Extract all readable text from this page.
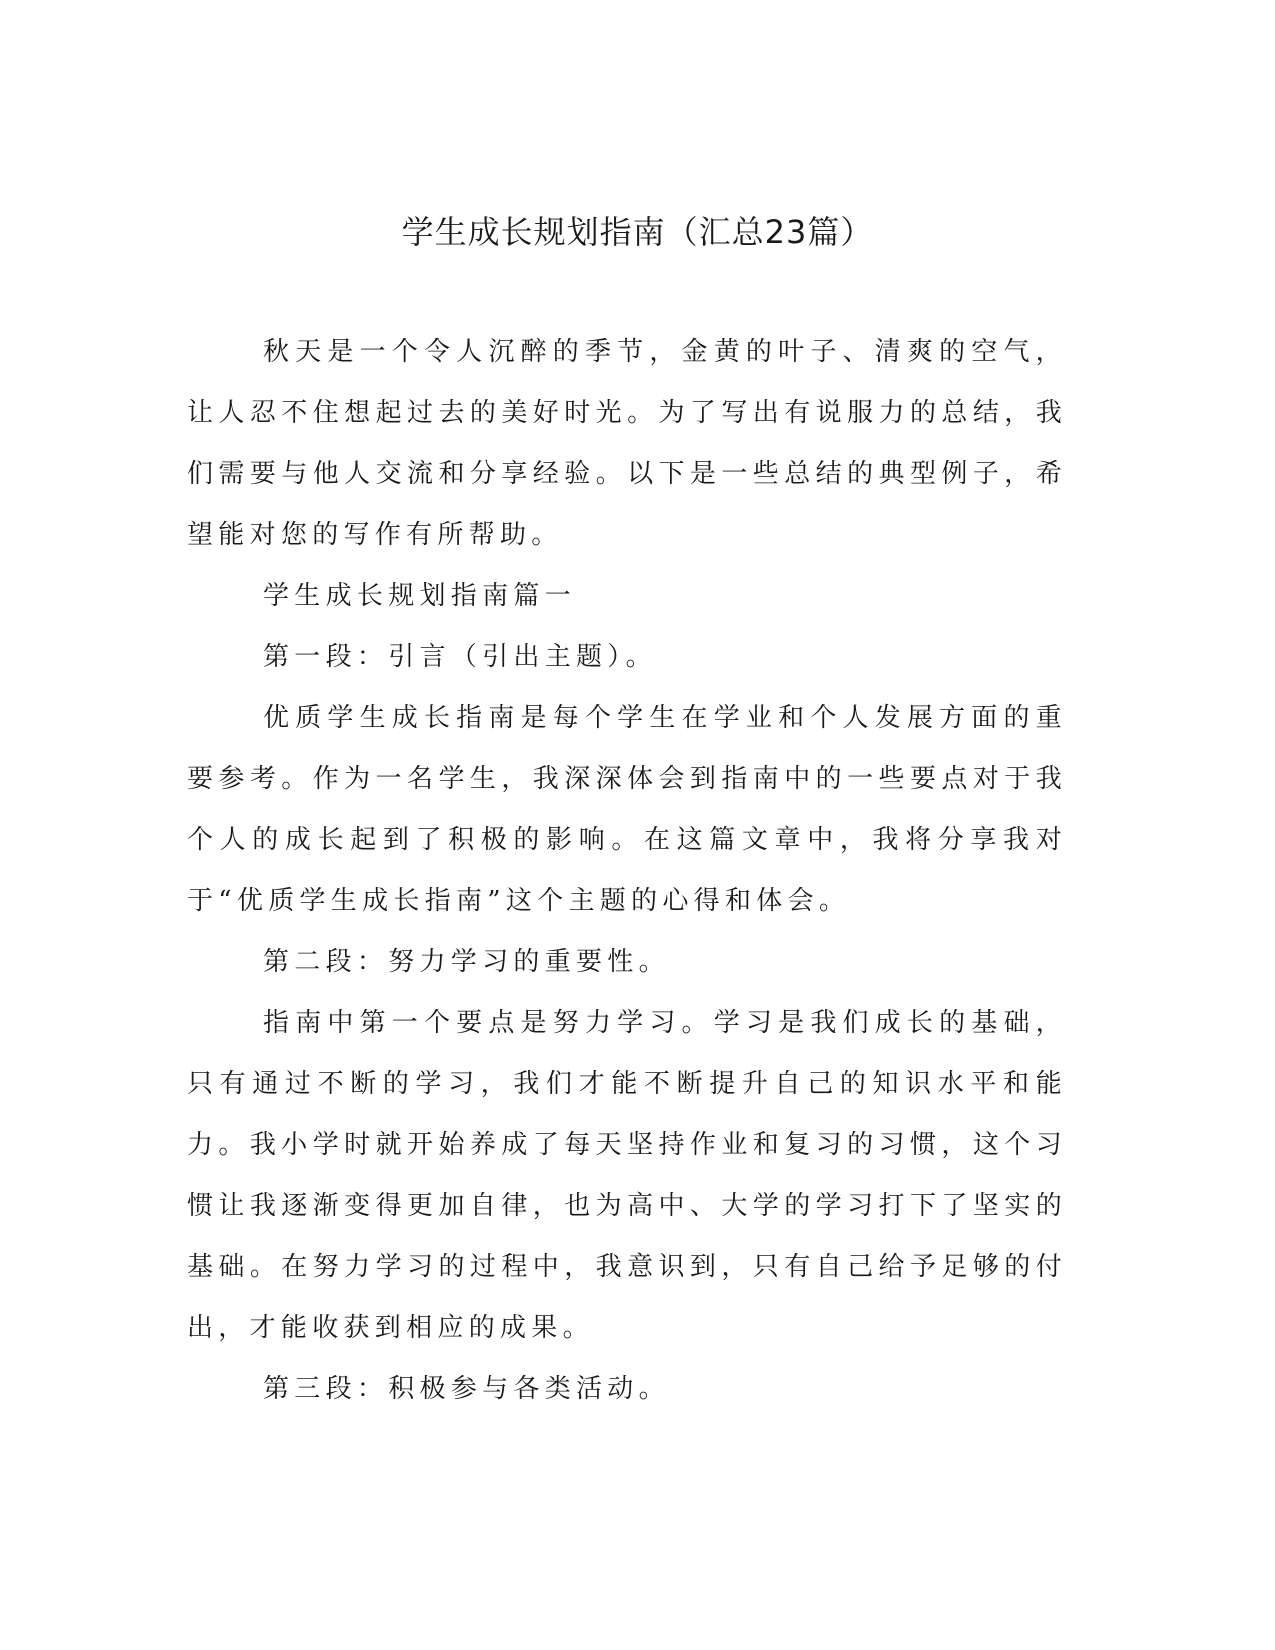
学生成长规划指南（汇总23篇）

秋天是一个令人沉醉的季节，金黄的叶子、清爽的空气，让人忍不住想起过去的美好时光。为了写出有说服力的总结，我们需要与他人交流和分享经验。以下是一些总结的典型例子，希望能对您的写作有所帮助。

学生成长规划指南篇一

第一段：引言（引出主题）。

优质学生成长指南是每个学生在学业和个人发展方面的重要参考。作为一名学生，我深深体会到指南中的一些要点对于我个人的成长起到了积极的影响。在这篇文章中，我将分享我对于“优质学生成长指南”这个主题的心得和体会。

第二段：努力学习的重要性。

指南中第一个要点是努力学习。学习是我们成长的基础，只有通过不断的学习，我们才能不断提升自己的知识水平和能力。我小学时就开始养成了每天坚持作业和复习的习惯，这个习惯让我逐渐变得更加自律，也为高中、大学的学习打下了坚实的基础。在努力学习的过程中，我意识到，只有自己给予足够的付出，才能收获到相应的成果。

第三段：积极参与各类活动。
